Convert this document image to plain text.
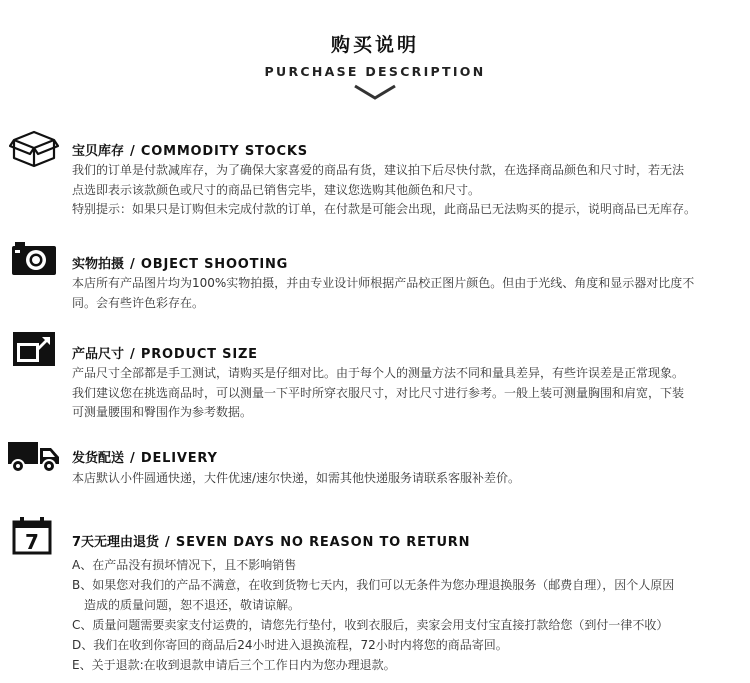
购买说明
PURCHASE DESCRIPTION
宝贝库存 / COMMODITY STOCKS

我们的订单是付款减库存，为了确保大家喜爱的商品有货，建议拍下后尽快付款，在选择商品颜色和尺寸时，若无法

点选即表示该款颜色或尺寸的商品已销售完毕，建议您选购其他颜色和尺寸。

特别提示：如果只是订购但未完成付款的订单，在付款是可能会出现，此商品已无法购买的提示，说明商品已无库存。

实物拍摄 / OBJECT SHOOTING

本店所有产品图片均为100%实物拍摄，并由专业设计师根据产品校正图片颜色。但由于光线、角度和显示器对比度不

同。会有些许色彩存在。

产品尺寸 / PRODUCT SIZE

产品尺寸全部都是手工测试，请购买是仔细对比。由于每个人的测量方法不同和量具差异，有些许误差是正常现象。

我们建议您在挑选商品时，可以测量一下平时所穿衣服尺寸，对比尺寸进行参考。一般上装可测量胸围和肩宽，下装

可测量腰围和臀围作为参考数据。

发货配送 / DELIVERY

本店默认小件圆通快递，大件优速/速尔快递，如需其他快递服务请联系客服补差价。

7	7天无理由退货 / SEVEN DAYS NO REASON TO RETURN

A、在产品没有损坏情况下，且不影响销售

B、如果您对我们的产品不满意，在收到货物七天内，我们可以无条件为您办理退换服务（邮费自理），因个人原因

造成的质量问题，恕不退还，敬请谅解。

C、质量问题需要卖家支付运费的，请您先行垫付，收到衣服后，卖家会用支付宝直接打款给您（到付一律不收）

D、我们在收到你寄回的商品后24小时进入退换流程，72小时内将您的商品寄回。

E、关于退款:在收到退款申请后三个工作日内为您办理退款。
